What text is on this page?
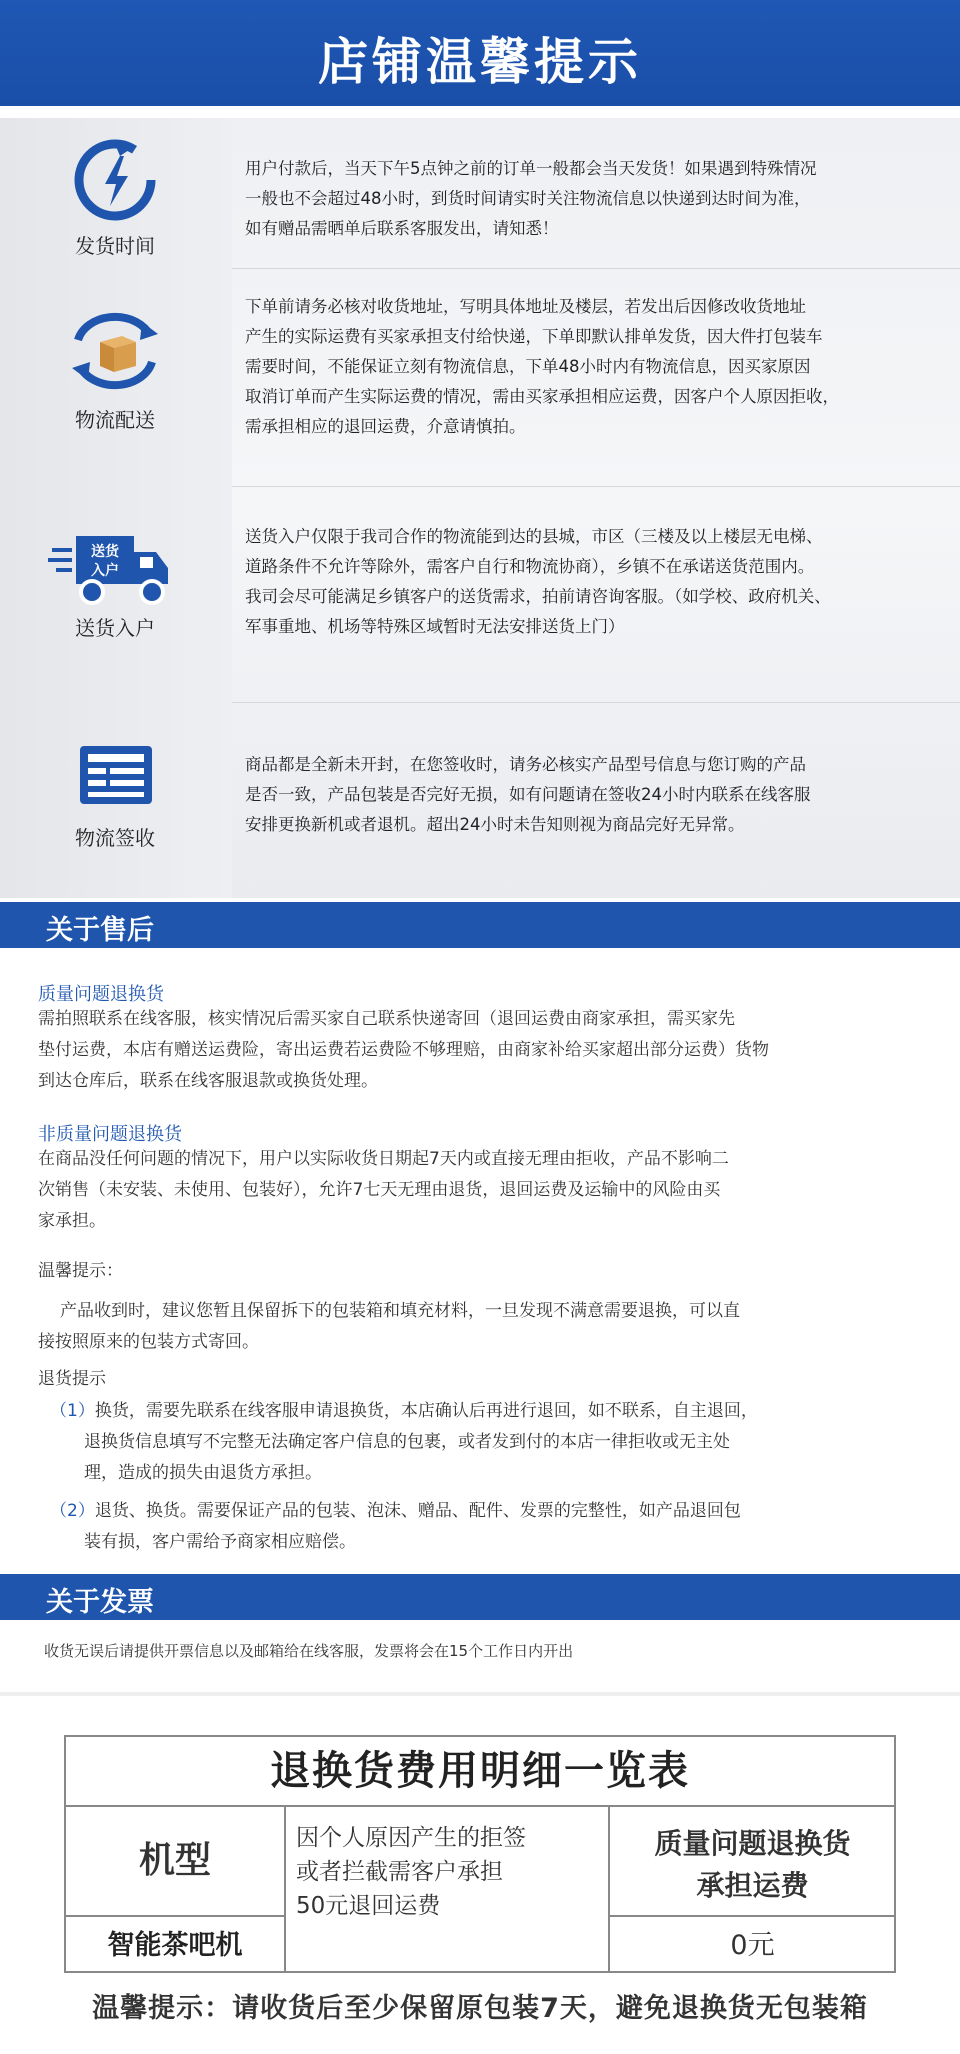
店铺温馨提示
发货时间
用户付款后，当天下午5点钟之前的订单一般都会当天发货！如果遇到特殊情况
一般也不会超过48小时，到货时间请实时关注物流信息以快递到达时间为准，
如有赠品需晒单后联系客服发出，请知悉！
物流配送
下单前请务必核对收货地址，写明具体地址及楼层，若发出后因修改收货地址
产生的实际运费有买家承担支付给快递，下单即默认排单发货，因大件打包装车
需要时间，不能保证立刻有物流信息，下单48小时内有物流信息，因买家原因
取消订单而产生实际运费的情况，需由买家承担相应运费，因客户个人原因拒收，
需承担相应的退回运费，介意请慎拍。
送货
入户
送货入户
送货入户仅限于我司合作的物流能到达的县城，市区（三楼及以上楼层无电梯、
道路条件不允许等除外，需客户自行和物流协商），乡镇不在承诺送货范围内。
我司会尽可能满足乡镇客户的送货需求，拍前请咨询客服。（如学校、政府机关、
军事重地、机场等特殊区域暂时无法安排送货上门）
物流签收
商品都是全新未开封，在您签收时，请务必核实产品型号信息与您订购的产品
是否一致，产品包装是否完好无损，如有问题请在签收24小时内联系在线客服
安排更换新机或者退机。超出24小时未告知则视为商品完好无异常。
关于售后
质量问题退换货
需拍照联系在线客服，核实情况后需买家自己联系快递寄回（退回运费由商家承担，需买家先
垫付运费，本店有赠送运费险，寄出运费若运费险不够理赔，由商家补给买家超出部分运费）货物
到达仓库后，联系在线客服退款或换货处理。
非质量问题退换货
在商品没任何问题的情况下，用户以实际收货日期起7天内或直接无理由拒收，产品不影响二
次销售（未安装、未使用、包装好），允许7七天无理由退货，退回运费及运输中的风险由买
家承担。
温馨提示：
产品收到时，建议您暂且保留拆下的包装箱和填充材料，一旦发现不满意需要退换，可以直
接按照原来的包装方式寄回。
退货提示
（1）换货，需要先联系在线客服申请退换货，本店确认后再进行退回，如不联系，自主退回，
退换货信息填写不完整无法确定客户信息的包裹，或者发到付的本店一律拒收或无主处
理，造成的损失由退货方承担。
（2）退货、换货。需要保证产品的包装、泡沫、赠品、配件、发票的完整性，如产品退回包
装有损，客户需给予商家相应赔偿。
关于发票
收货无误后请提供开票信息以及邮箱给在线客服，发票将会在15个工作日内开出
退换货费用明细一览表
机型
因个人原因产生的拒签
或者拦截需客户承担
50元退回运费
质量问题退换货
承担运费
智能茶吧机	0元
温馨提示：请收货后至少保留原包装7天，避免退换货无包装箱
